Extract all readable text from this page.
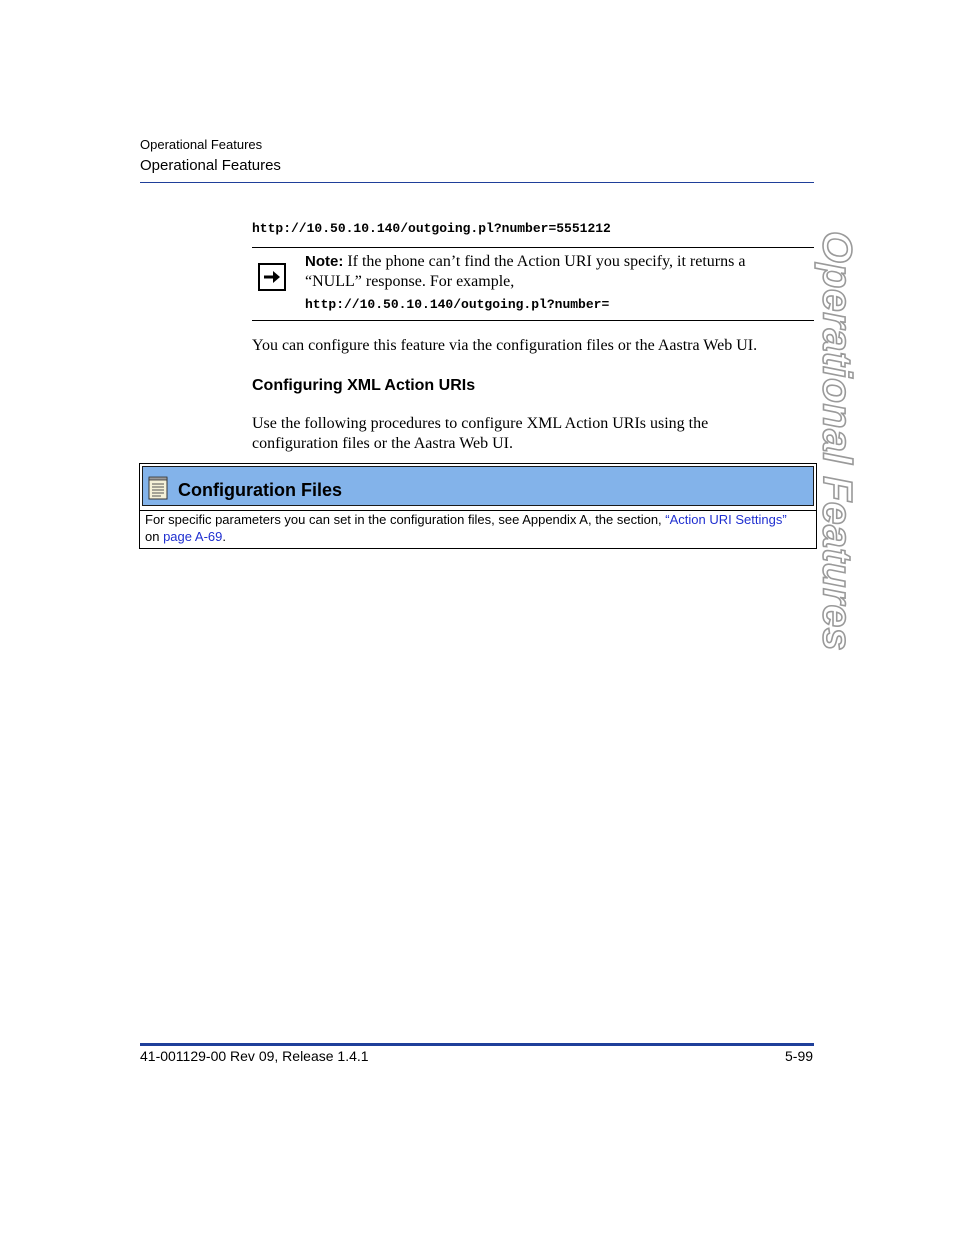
Operational Features
Operational Features
http://10.50.10.140/outgoing.pl?number=5551212
Note: If the phone can’t find the Action URI you specify, it returns a “NULL” response. For example,
http://10.50.10.140/outgoing.pl?number=
You can configure this feature via the configuration files or the Aastra Web UI.
Configuring XML Action URIs
Use the following procedures to configure XML Action URIs using the configuration files or the Aastra Web UI.
Configuration Files
For specific parameters you can set in the configuration files, see Appendix A, the section, “Action URI Settings” on page A-69.	Operational Features
41-001129-00 Rev 09, Release 1.4.1	5-99
